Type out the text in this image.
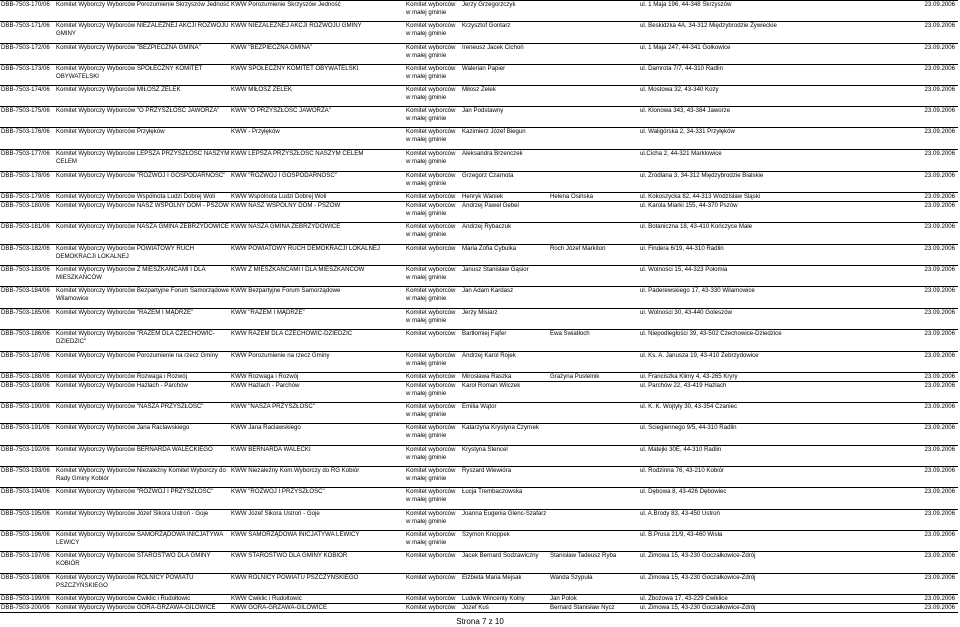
DBB-7503-170/06	Komitet Wyborczy Wyborców Porozumienie Skrzyszów Jedność	KWW Porozumienie Skrzyszów Jedność	Komitet wyborców w małej gminie	Jerzy Grzegorzczyk		ul. 1 Maja 196, 44-348 Skrzyszów	23.09.2006

DBB-7503-171/06	Komitet Wyborczy Wyborców NIEZALEŻNEJ AKCJI ROZWOJU GMINY	KWW NIEZALEŻNEJ AKCJI ROZWOJU GMINY	Komitet wyborców w małej gminie	Krzysztof Gontarz		ul. Beskidzka 4A, 34-312 Międzybrodzie Żywieckie	23.09.2006

DBB-7503-172/06	Komitet Wyborczy Wyborców "BEZPIECZNA GMINA"	KWW "BEZPIECZNA GMINA"	Komitet wyborców w małej gminie	Ireneusz Jacek Cichoń		ul. 1 Maja 247, 44-341 Gołkowice	23.09.2006

DBB-7503-173/06	Komitet Wyborczy Wyborców SPOŁECZNY KOMITET OBYWATELSKI	KWW SPOŁECZNY KOMITET OBYWATELSKI	Komitet wyborców w małej gminie	Walerian Papier		ul. Damrota 7/7, 44-310 Radlin	23.09.2006

DBB-7503-174/06	Komitet Wyborczy Wyborców MIŁOSZ ZELEK	KWW MIŁOSZ ZELEK	Komitet wyborców w małej gminie	Miłosz Zelek		ul. Mostowa 32, 43-340 Kozy	23.09.2006

DBB-7503-175/06	Komitet Wyborczy Wyborców "O PRZYSZŁOŚĆ JAWORZA"	KWW "O PRZYSZŁOŚĆ JAWORZA"	Komitet wyborców w małej gminie	Jan Podstawny		ul. Klonowa 343, 43-384 Jaworze	23.09.2006

DBB-7503-176/06	Komitet Wyborczy Wyborców Przyłęków	KWW - Przyłęków	Komitet wyborców w małej gminie	Kazimierz Józef Biegun		ul. Waligórska 2, 34-331 Przyłęków	23.09.2006

DBB-7503-177/06	Komitet Wyborczy Wyborców LEPSZA PRZYSZŁOŚĆ NASZYM CELEM	KWW LEPSZA PRZYSZŁOŚĆ NASZYM CELEM	Komitet wyborców w małej gminie	Aleksandra Brzenczek		ul.Cicha 2, 44-321 Marklowice	23.09.2006

DBB-7503-178/06	Komitet Wyborczy Wyborców "ROZWÓJ I GOSPODARNOŚĆ"	KWW "ROZWÓJ I GOSPODARNOŚĆ"	Komitet wyborców w małej gminie	Grzegorz Czarnota		ul. Źródlana 3, 34-312 Międzybrodzie Bialskie	23.09.2006

DBB-7503-179/06	Komitet Wyborczy Wyborców Wspólnota Ludzi Dobrej Woli	KWW Wspólnota Ludzi Dobrej Woli	Komitet wyborców	Henryk Waniek	Helena Osińska	ul. Kokoszycka 82, 44-313 Wodzisław Śląski	23.09.2006

DBB-7503-180/06	Komitet Wyborczy Wyborców NASZ WSPÓLNY DOM - PSZÓW	KWW NASZ WSPÓLNY DOM - PSZÓW	Komitet wyborców w małej gminie	Andrzej Paweł Gebel		ul. Karola Miarki 155, 44-370 Pszów	23.09.2006

DBB-7503-181/06	Komitet Wyborczy Wyborców NASZA GMINA ZEBRZYDOWICE	KWW NASZA GMINA ZEBRZYDOWICE	Komitet wyborców w małej gminie	Andrzej Rybaczuk		ul. Botaniczna 18, 43-410 Kończyce Małe	23.09.2006

DBB-7503-182/06	Komitet Wyborczy Wyborców POWIATOWY RUCH DEMOKRACJI LOKALNEJ	KWW POWIATOWY RUCH DEMOKRACJI LOKALNEJ	Komitet wyborców	Maria Zofia Cybulka	Roch Józef Markiton	ul. Findera 6/19, 44-310 Radlin	23.09.2006

DBB-7503-183/06	Komitet Wyborczy Wyborców Z MIESZKAŃCAMI I DLA MIESZKAŃCÓW	KWW Z MIESZKAŃCAMI I DLA MIESZKAŃCÓW	Komitet wyborców w małej gminie	Janusz Stanisław Gąsior		ul. Wolności 15, 44-323 Połomia	23.09.2006

DBB-7503-184/06	Komitet Wyborczy Wyborców Bezpartyjne Forum Samorządowe Wilamowice	KWW Bezpartyjne Forum Samorządowe	Komitet wyborców w małej gminie	Jan Adam Kardasz		ul. Paderewskiego 17, 43-330 Wilamowice	23.09.2006

DBB-7503-185/06	Komitet Wyborczy Wyborców "RAZEM I MĄDRZE"	KWW "RAZEM I MĄDRZE"	Komitet wyborców w małej gminie	Jerzy Misiarz		ul. Wolności 30, 43-440 Goleszów	23.09.2006

DBB-7503-186/06	Komitet Wyborczy Wyborców "RAZEM DLA CZECHOWIC-DZIEDZIC"	KWW RAZEM DLA CZECHOWIC-DZIEDZIC	Komitet wyborców	Bartłomiej Fajfer	Ewa Światłoch	ul. Niepodległości 39, 43-502 Czechowice-Dziedzice	23.09.2006

DBB-7503-187/06	Komitet Wyborczy Wyborców Porozumienie na rzecz Gminy	KWW Porozumienie na rzecz Gminy	Komitet wyborców w małej gminie	Andrzej Karol Rojek		ul. Ks. A. Janusza 19, 43-410 Zebrzydowice	23.09.2006

DBB-7503-188/06	Komitet Wyborczy Wyborców Rozwaga i Rozwój	KWW Rozwaga i Rozwój	Komitet wyborców	Mirosława Raszka	Grażyna Pustelnik	ul. Franciszka Klimy 4, 43-265 Kryry	23.09.2006

DBB-7503-189/06	Komitet Wyborczy Wyborców Hażlach - Parchów	KWW Hażlach - Parchów	Komitet wyborców w małej gminie	Karol Roman Wilczek		ul. Parchów 22, 43-419 Hażlach	23.09.2006

DBB-7503-190/06	Komitet Wyborczy Wyborców "NASZA PRZYSZŁOŚĆ"	KWW "NASZA PRZYSZŁOŚĆ"	Komitet wyborców w małej gminie	Emilia Wątor		ul. K. K. Wojtyły 30, 43-354 Czaniec	23.09.2006

DBB-7503-191/06	Komitet Wyborczy Wyborców Jana Raclawskiego	KWW Jana Raclawskiego	Komitet wyborców w małej gminie	Katarzyna Krystyna Czyrnek		ul. Ściegiennego 9/5, 44-310 Radlin	23.09.2006

DBB-7503-192/06	Komitet Wyborczy Wyborców BERNARDA WALECKIEGO	KWW BERNARDA WALECKI	Komitet wyborców w małej gminie	Krystyna Stencel		ul. Matejki 30E, 44-310 Radlin	23.09.2006

DBB-7503-193/06	Komitet Wyborczy Wyborców Niezależny Komitet Wyborczy do Rady Gminy Kobiór	KWW Niezależny Kom.Wyborczy do RG Kobiór	Komitet wyborców w małej gminie	Ryszard Wiewióra		ul. Rodzinna 76, 43-210 Kobiór	23.09.2006

DBB-7503-194/06	Komitet Wyborczy Wyborców "ROZWÓJ I PRZYSZŁOŚĆ"	KWW "ROZWÓJ I PRZYSZŁOŚĆ"	Komitet wyborców w małej gminie	Łucja Trembaczowska		ul. Dębowa 8, 43-426 Dębowiec	23.09.2006

DBB-7503-195/06	Komitet Wyborczy Wyborców Józef Sikora Ustroń - Goje	KWW Józef Sikora Ustroń - Goje	Komitet wyborców w małej gminie	Joanna Eugenia Glenc-Szafarz		ul. A.Brody 83, 43-450 Ustroń	23.09.2006

DBB-7503-196/06	Komitet Wyborczy Wyborców SAMORZĄDOWA INICJATYWA LEWICY	KWW SAMORZĄDOWA INICJATYWA LEWICY	Komitet wyborców w małej gminie	Szymon Knoppek		ul. B.Prusa 21/9, 43-460 Wisła	23.09.2006

DBB-7503-197/06	Komitet Wyborczy Wyborców STAROSTWO DLA GMINY KOBIÓR	KWW STAROSTWO DLA GMINY KOBIÓR	Komitet wyborców	Jacek Bernard Sodzawiczny	Stanisław Tadeusz Ryba	ul. Zimowa 15, 43-230 Goczałkowice-Zdrój	23.09.2006

DBB-7503-198/06	Komitet Wyborczy Wyborców ROLNICY POWIATU PSZCZYŃSKIEGO	KWW ROLNICY POWIATU PSZCZYŃSKIEGO	Komitet wyborców	Elżbieta Maria Mejsak	Wanda Szypuła	ul. Zimowa 15, 43-230 Goczałkowice-Zdrój	23.09.2006

DBB-7503-199/06	Komitet Wyborczy Wyborców Ćwiklic i Rudołtowic	KWW Ćwiklic i Rudołtowic	Komitet wyborców	Ludwik Wincenty Kolny	Jan Polok	ul. Zbożowa 17, 43-229 Ćwiklice	23.09.2006

DBB-7503-200/06	Komitet Wyborczy Wyborców GÓRA-GRZAWA-GILOWICE	KWW GÓRA-GRZAWA-GILOWICE	Komitet wyborców	Józef Kuś	Bernard Stanisław Nycz	ul. Zimowa 15, 43-230 Goczałkowice-Zdrój	23.09.2006
Strona 7 z 10
